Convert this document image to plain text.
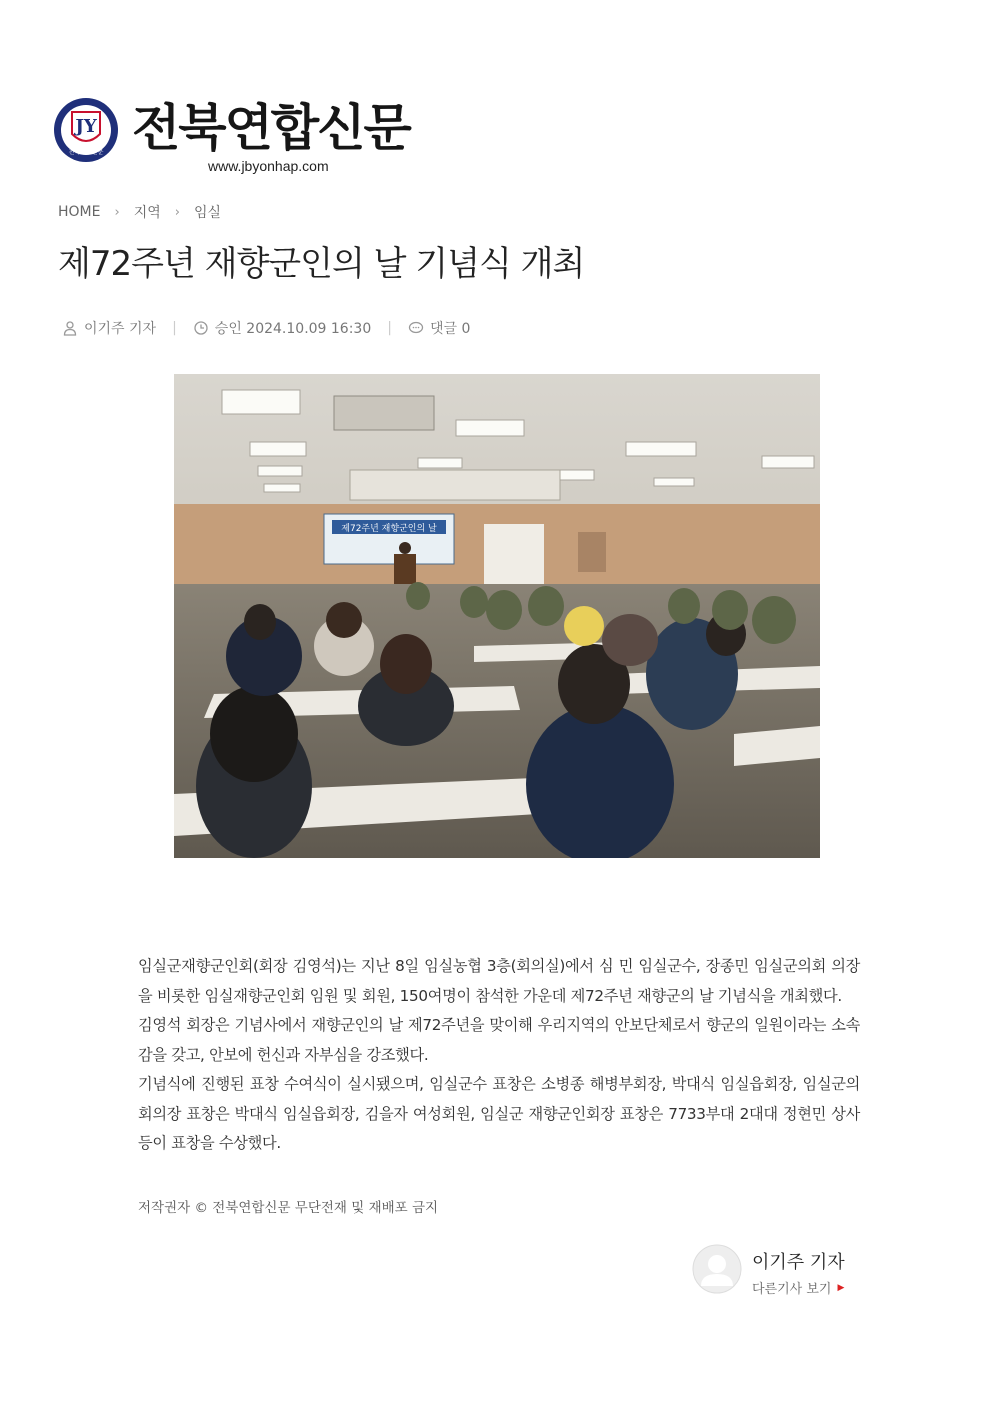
JY
전북연합신문 전북연합신문
www.jbyonhap.com
HOME › 지역 › 임실
제72주년 재향군인의 날 기념식 개최
이기주 기자 |	승인 2024.10.09 16:30 |	댓글 0
제72주년 재향군인의 날

임실군재향군인회(회장 김영석)는 지난 8일 임실농협 3층(회의실)에서 심 민 임실군수, 장종민 임실군의회 의장을 비롯한 임실재향군인회 임원 및 회원, 150여명이 참석한 가운데 제72주년 재향군의 날 기념식을 개최했다.

김영석 회장은 기념사에서 재향군인의 날 제72주년을 맞이해 우리지역의 안보단체로서 향군의 일원이라는 소속감을 갖고, 안보에 헌신과 자부심을 강조했다.

기념식에 진행된 표창 수여식이 실시됐으며, 임실군수 표창은 소병종 해병부회장, 박대식 임실읍회장, 임실군의회의장 표창은 박대식 임실읍회장, 김을자 여성회원, 임실군 재향군인회장 표창은 7733부대 2대대 정현민 상사 등이 표창을 수상했다.

저작권자 © 전북연합신문 무단전재 및 재배포 금지
이기주 기자
다른기사 보기 ▶
